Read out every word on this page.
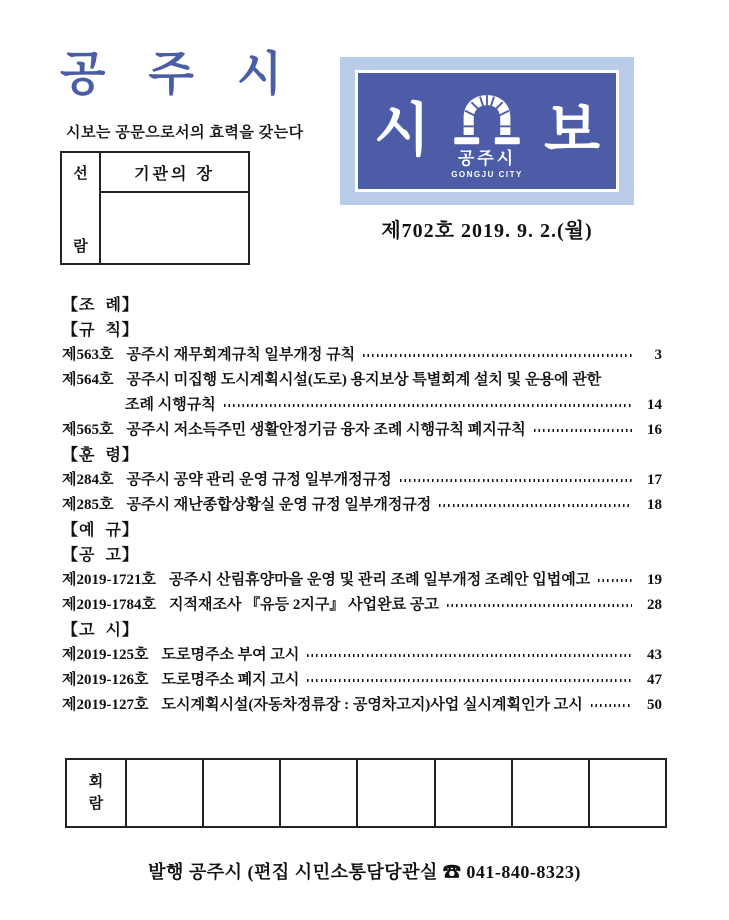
공 주 시
시보는 공문으로서의 효력을 갖는다
선
람
기관의 장
시 공주시
GONGJU CITY
보
제702호 2019. 9. 2.(월)
【조  례】
【규  칙】
제563호 공주시 재무회계규칙 일부개정 규칙	3
제564호 공주시 미집행 도시계획시설(도로) 용지보상 특별회계 설치 및 운용에 관한
조례 시행규칙	14
제565호 공주시 저소득주민 생활안정기금 융자 조례 시행규칙 폐지규칙	16
【훈  령】
제284호 공주시 공약 관리 운영 규정 일부개정규정	17
제285호 공주시 재난종합상황실 운영 규정 일부개정규정	18
【예  규】
【공  고】
제2019-1721호 공주시 산림휴양마을 운영 및 관리 조례 일부개정 조례안 입법예고	19
제2019-1784호 지적재조사 『유등 2지구』 사업완료 공고	28
【고  시】
제2019-125호 도로명주소 부여 고시	43
제2019-126호 도로명주소 폐지 고시	47
제2019-127호 도시계획시설(자동차정류장 : 공영차고지)사업 실시계획인가 고시	50
회
람
발행 공주시 (편집 시민소통담당관실 ☎ 041-840-8323)
